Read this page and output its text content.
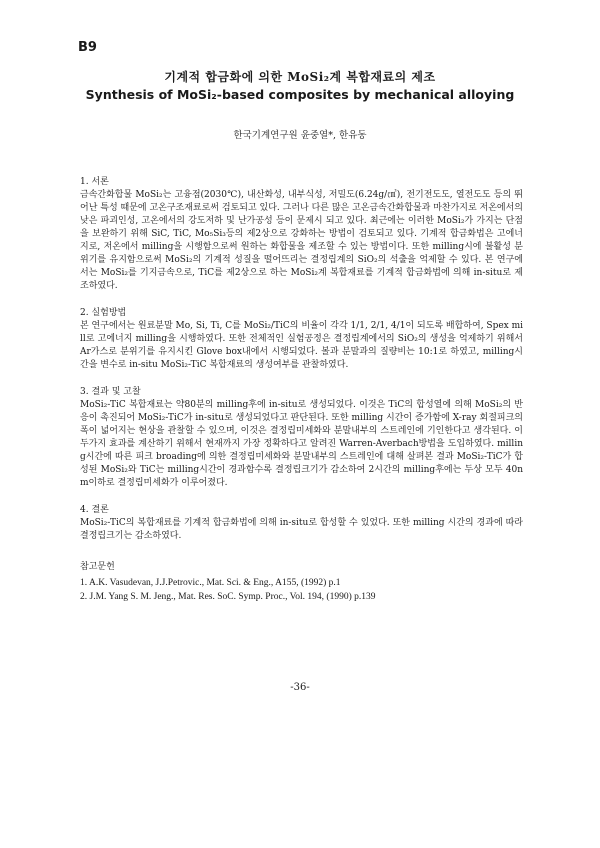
B9
기계적 합금화에 의한 MoSi₂계 복합재료의 제조
Synthesis of MoSi₂-based composites by mechanical alloying
한국기계연구원 윤중열*, 한유동

1. 서론

금속간화합물 MoSi₂는 고융점(2030℃), 내산화성, 내부식성, 저밀도(6.24g/㎤), 전기전도도, 열전도도 등의 뛰어난 특성 때문에 고온구조재료로써 검토되고 있다. 그러나 다른 많은 고온금속간화합물과 마찬가지로 저온에서의 낮은 파괴인성, 고온에서의 강도저하 및 난가공성 등이 문제시 되고 있다. 최근에는 이러한 MoSi₂가 가지는 단점을 보완하기 위해 SiC, TiC, Mo₅Si₃등의 제2상으로 강화하는 방법이 검토되고 있다. 기계적 합금화법은 고에너지로, 저온에서 milling을 시행함으로써 원하는 화합물을 제조할 수 있는 방법이다. 또한 milling시에 불활성 분위기를 유지함으로써 MoSi₂의 기계적 성질을 떨어뜨리는 결정립계의 SiO₂의 석출을 억제할 수 있다. 본 연구에서는 MoSi₂를 기지금속으로, TiC를 제2상으로 하는 MoSi₂계 복합재료를 기계적 합금화법에 의해 in-situ로 제조하였다.

2. 실험방법

본 연구에서는 원료분말 Mo, Si, Ti, C를 MoSi₂/TiC의 비율이 각각 1/1, 2/1, 4/1이 되도록 배합하여, Spex mill로 고에너지 milling을 시행하였다. 또한 전체적인 실험공정은 결정립계에서의 SiO₂의 생성을 억제하기 위해서 Ar가스로 분위기를 유지시킨 Glove box내에서 시행되었다. 볼과 분말과의 질량비는 10:1로 하였고, milling시간을 변수로 in-situ MoSi₂-TiC 복합재료의 생성여부를 관찰하였다.

3. 결과 및 고찰

MoSi₂-TiC 복합재료는 약80분의 milling후에 in-situ로 생성되었다. 이것은 TiC의 합성열에 의해 MoSi₂의 반응이 촉진되어 MoSi₂-TiC가 in-situ로 생성되었다고 판단된다. 또한 milling 시간이 증가함에 X-ray 회절피크의 폭이 넓어지는 현상을 관찰할 수 있으며, 이것은 결정립미세화와 분말내부의 스트레인에 기인한다고 생각된다. 이 두가지 효과를 계산하기 위해서 현재까지 가장 정확하다고 알려진 Warren-Averbach방법을 도입하였다. milling시간에 따른 피크 broading에 의한 결정립미세화와 분말내부의 스트레인에 대해 살펴본 결과 MoSi₂-TiC가 합성된 MoSi₂와 TiC는 milling시간이 경과함수록 결정립크기가 감소하여 2시간의 milling후에는 두상 모두 40nm이하로 결정립미세화가 이루어졌다.

4. 결론

MoSi₂-TiC의 복합재료를 기계적 합금화법에 의해 in-situ로 합성할 수 있었다. 또한 milling 시간의 경과에 따라 결정립크기는 감소하였다.

참고문헌

1. A.K. Vasudevan, J.J.Petrovic., Mat. Sci. & Eng., A155, (1992) p.1

2. J.M. Yang S. M. Jeng., Mat. Res. SoC. Symp. Proc., Vol. 194, (1990) p.139

-36-
